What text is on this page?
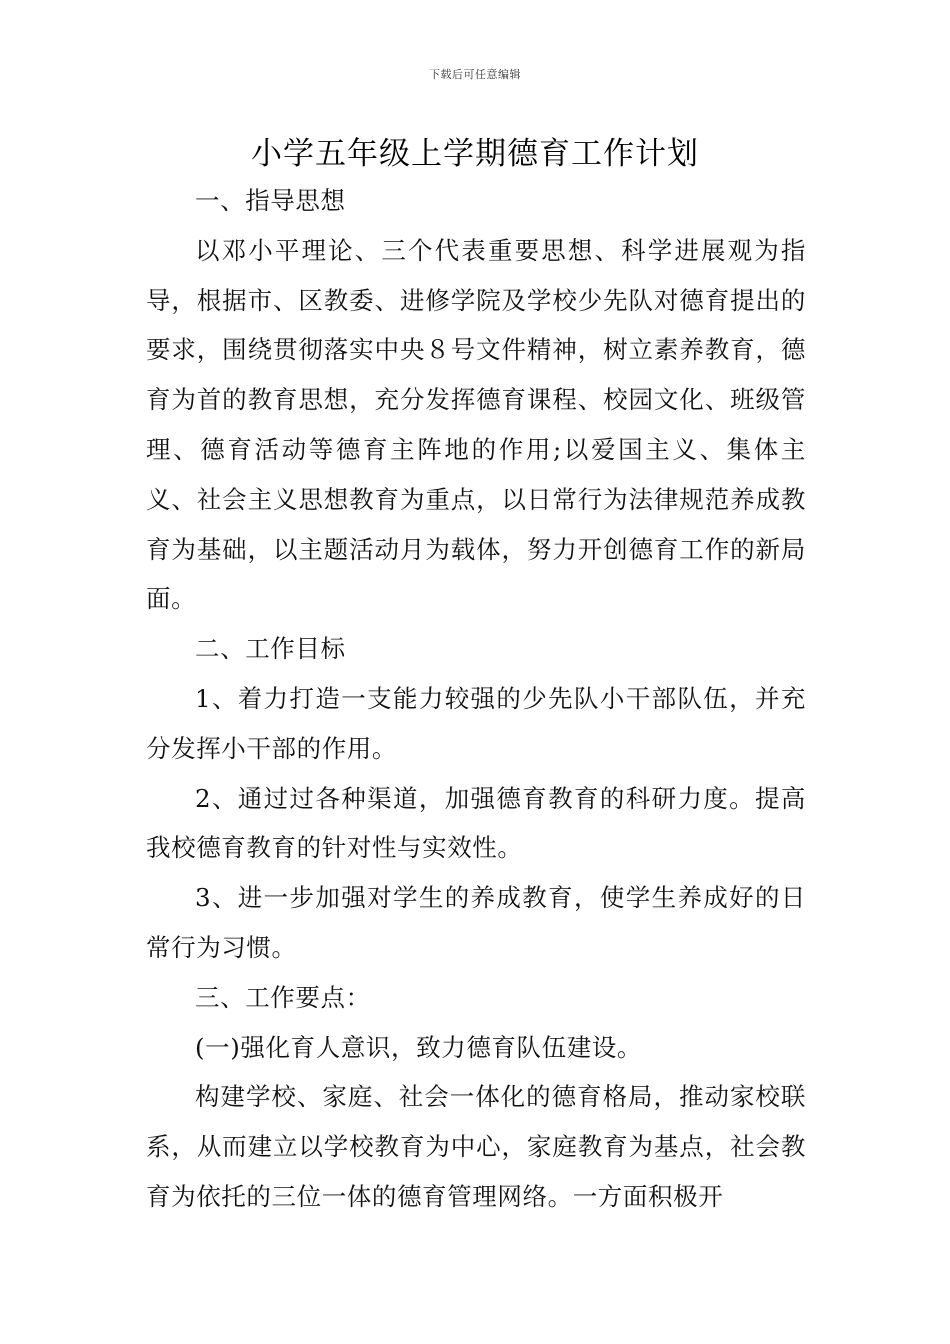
下载后可任意编辑
小学五年级上学期德育工作计划

一、指导思想

以邓小平理论、三个代表重要思想、科学进展观为指导，根据市、区教委、进修学院及学校少先队对德育提出的要求，围绕贯彻落实中央８号文件精神，树立素养教育，德育为首的教育思想，充分发挥德育课程、校园文化、班级管理、德育活动等德育主阵地的作用;以爱国主义、集体主义、社会主义思想教育为重点，以日常行为法律规范养成教育为基础，以主题活动月为载体，努力开创德育工作的新局面。

二、工作目标

1、着力打造一支能力较强的少先队小干部队伍，并充分发挥小干部的作用。

2、通过过各种渠道，加强德育教育的科研力度。提高我校德育教育的针对性与实效性。

3、进一步加强对学生的养成教育，使学生养成好的日常行为习惯。

三、工作要点：

(一)强化育人意识，致力德育队伍建设。

构建学校、家庭、社会一体化的德育格局，推动家校联系，从而建立以学校教育为中心，家庭教育为基点，社会教育为依托的三位一体的德育管理网络。一方面积极开
